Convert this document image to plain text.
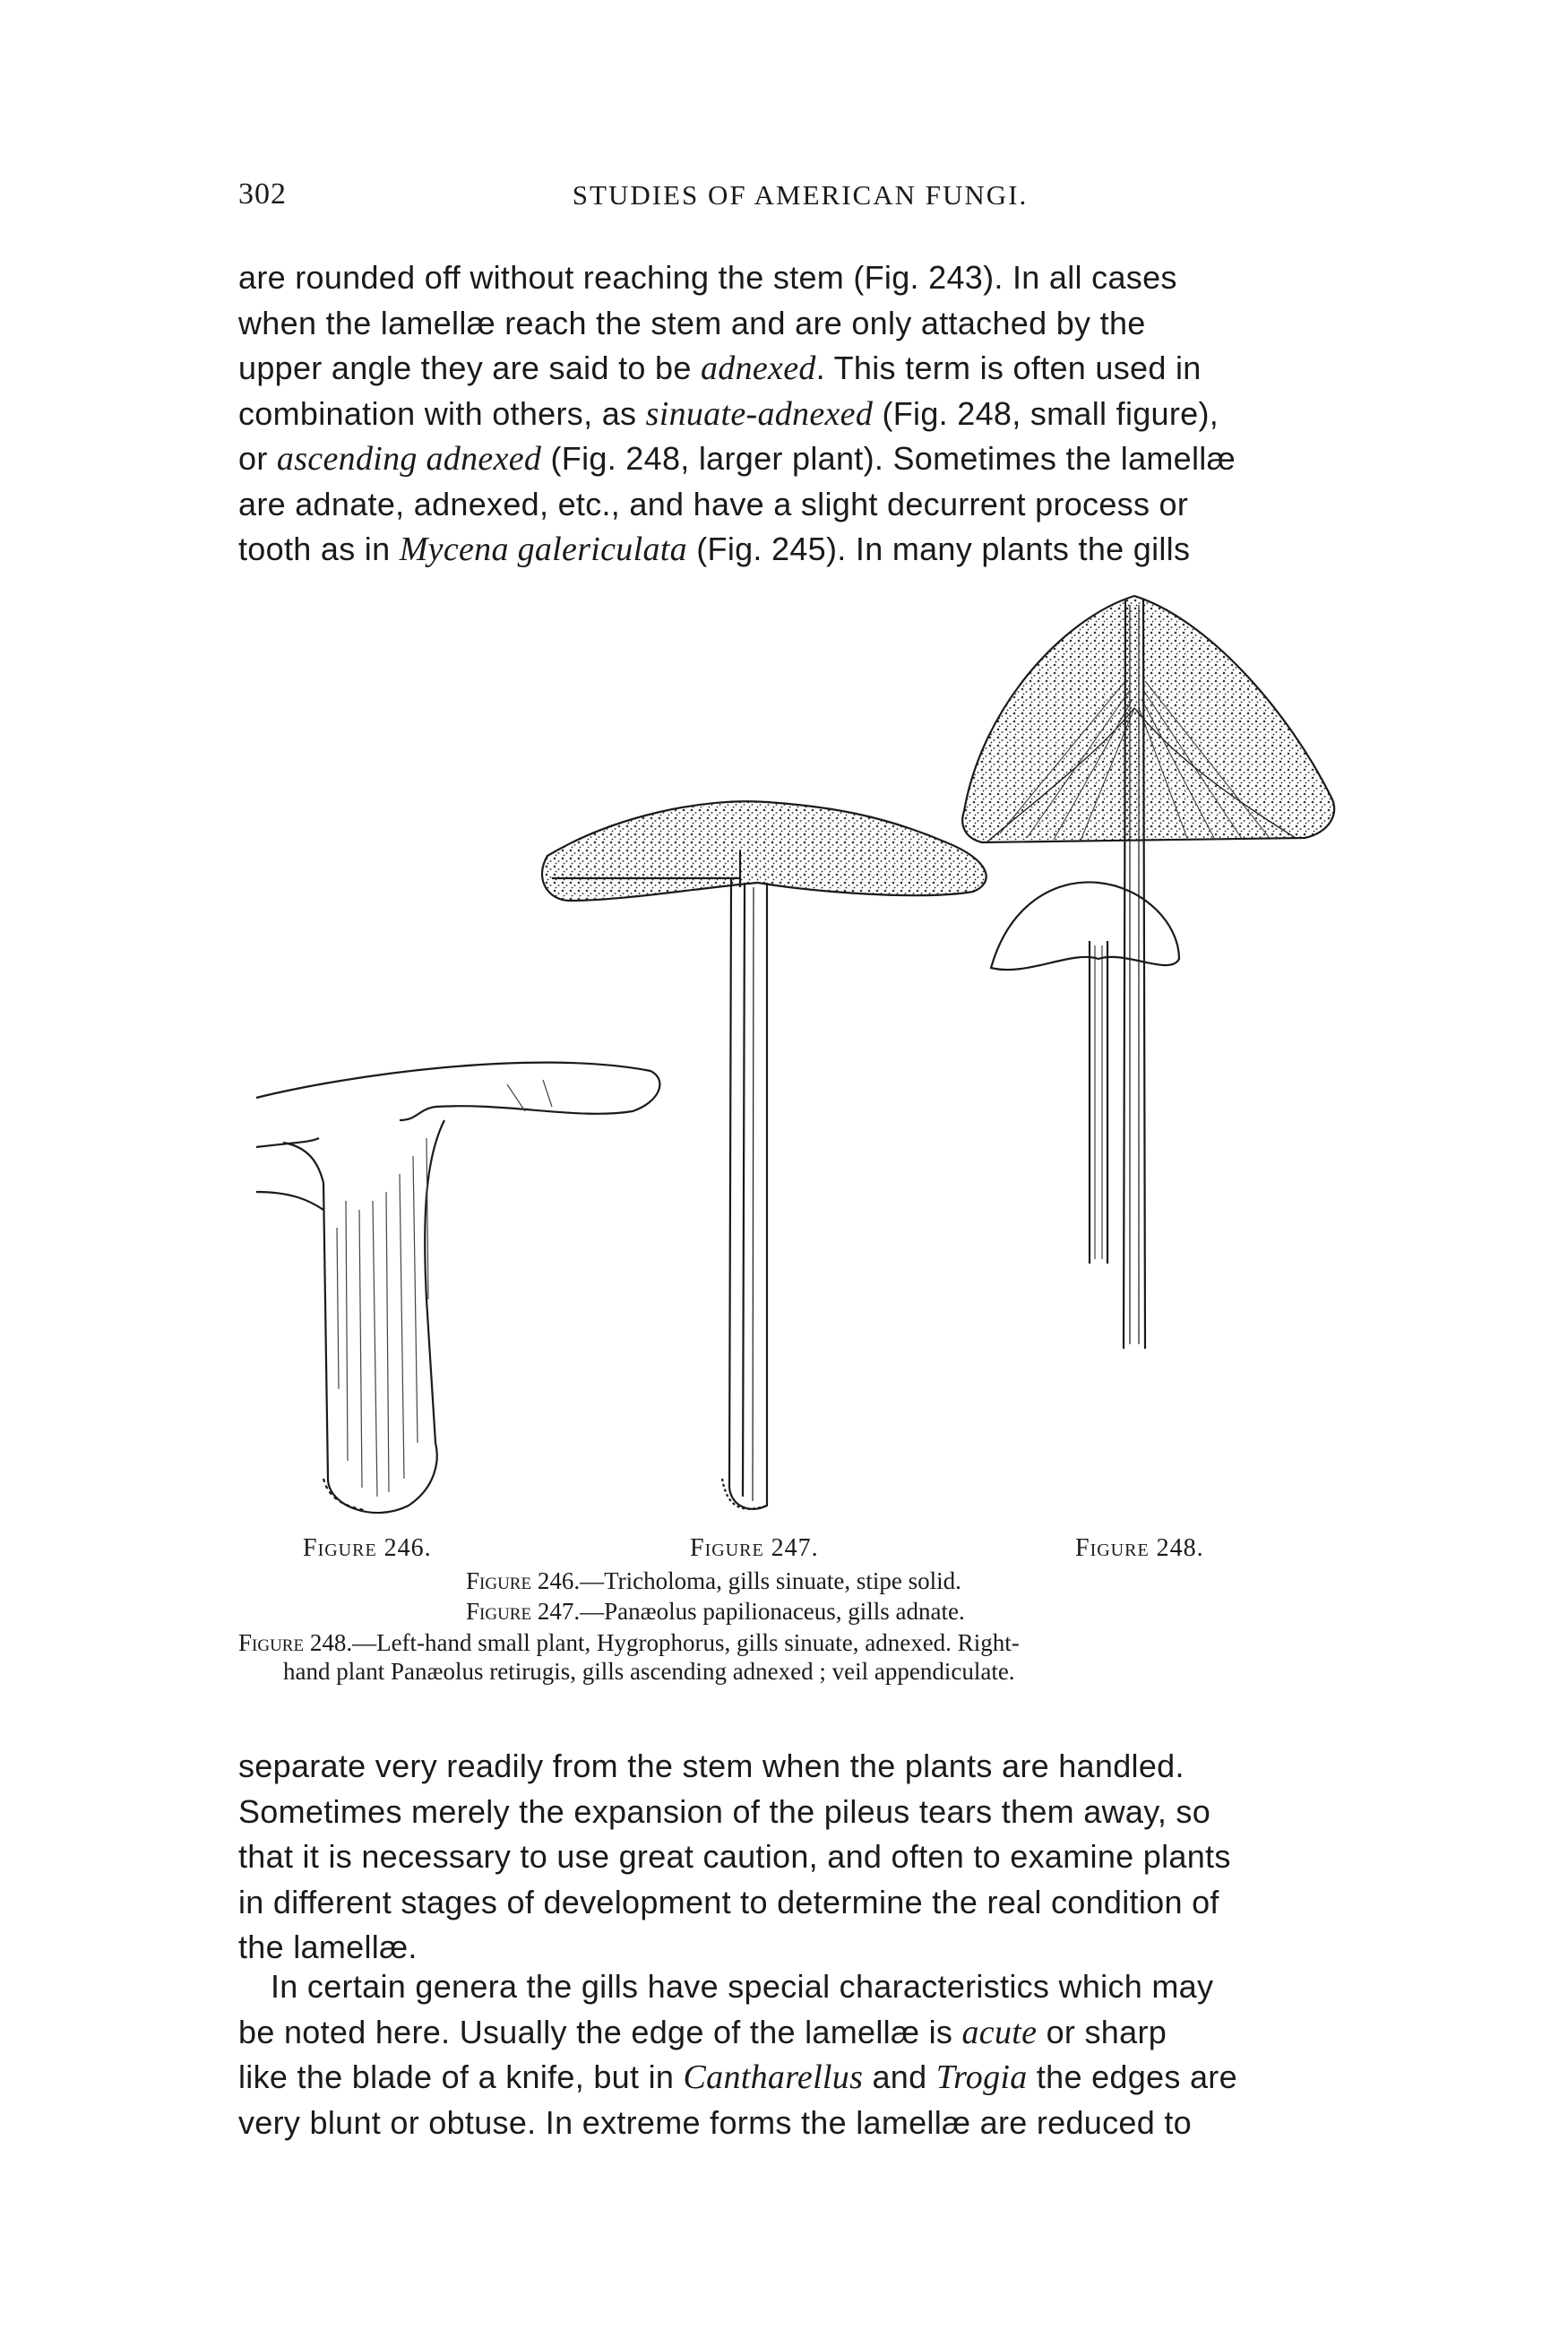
302	STUDIES OF AMERICAN FUNGI.
are rounded off without reaching the stem (Fig. 243). In all cases
when the lamellæ reach the stem and are only attached by the
upper angle they are said to be adnexed. This term is often used in
combination with others, as sinuate-adnexed (Fig. 248, small figure),
or ascending adnexed (Fig. 248, larger plant). Sometimes the lamellæ
are adnate, adnexed, etc., and have a slight decurrent process or
tooth as in Mycena galericulata (Fig. 245). In many plants the gills
Figure 246.	Figure 247.	Figure 248.
Figure 246.—Tricholoma, gills sinuate, stipe solid.
Figure 247.—Panæolus papilionaceus, gills adnate.
Figure 248.—Left-hand small plant, Hygrophorus, gills sinuate, adnexed. Right-
hand plant Panæolus retirugis, gills ascending adnexed ; veil appendiculate.
separate very readily from the stem when the plants are handled.
Sometimes merely the expansion of the pileus tears them away, so
that it is necessary to use great caution, and often to examine plants
in different stages of development to determine the real condition of
the lamellæ.
In certain genera the gills have special characteristics which may
be noted here. Usually the edge of the lamellæ is acute or sharp
like the blade of a knife, but in Cantharellus and Trogia the edges are
very blunt or obtuse. In extreme forms the lamellæ are reduced to
